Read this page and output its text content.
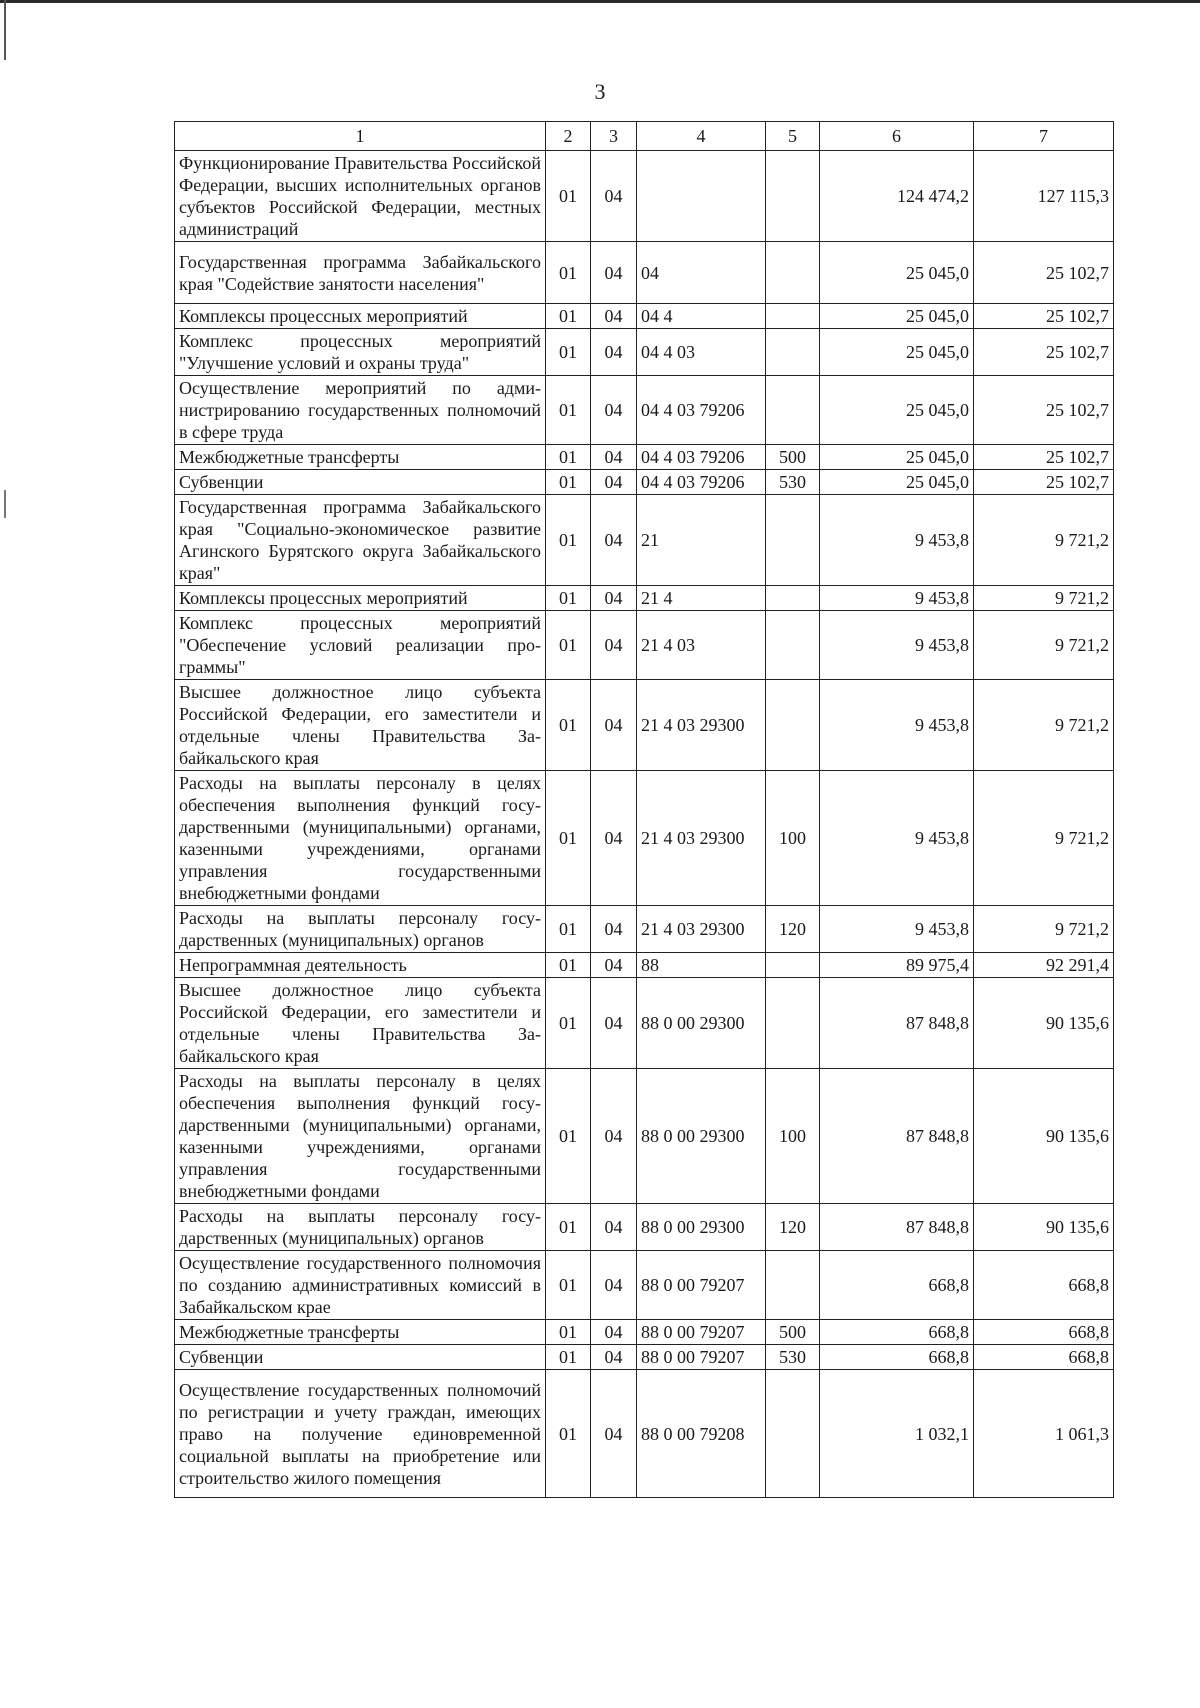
3
1	2	3	4	5	6	7
Функционирование Правительства Российской Федерации, высших исполнительных органов субъектов Российской Федерации, местных администраций	01	04			124 474,2	127 115,3
Государственная программа Забайкальского края "Содействие занятости населения"	01	04	04		25 045,0	25 102,7
Комплексы процессных мероприятий	01	04	04 4		25 045,0	25 102,7
Комплекс процессных мероприятий "Улучшение условий и охраны труда"	01	04	04 4 03		25 045,0	25 102,7
Осуществление мероприятий по администрированию государственных полномочий в сфере труда	01	04	04 4 03 79206		25 045,0	25 102,7
Межбюджетные трансферты	01	04	04 4 03 79206	500	25 045,0	25 102,7
Субвенции	01	04	04 4 03 79206	530	25 045,0	25 102,7
Государственная программа Забайкальского края "Социально-экономическое развитие Агинского Бурятского округа Забайкальского края"	01	04	21		9 453,8	9 721,2
Комплексы процессных мероприятий	01	04	21 4		9 453,8	9 721,2
Комплекс процессных мероприятий "Обеспечение условий реализации программы"	01	04	21 4 03		9 453,8	9 721,2
Высшее должностное лицо субъекта Российской Федерации, его заместители и отдельные члены Правительства Забайкальского края	01	04	21 4 03 29300		9 453,8	9 721,2
Расходы на выплаты персоналу в целях обеспечения выполнения функций государственными (муниципальными) органами, казенными учреждениями, органами управления государственными внебюджетными фондами	01	04	21 4 03 29300	100	9 453,8	9 721,2
Расходы на выплаты персоналу государственных (муниципальных) органов	01	04	21 4 03 29300	120	9 453,8	9 721,2
Непрограммная деятельность	01	04	88		89 975,4	92 291,4
Высшее должностное лицо субъекта Российской Федерации, его заместители и отдельные члены Правительства Забайкальского края	01	04	88 0 00 29300		87 848,8	90 135,6
Расходы на выплаты персоналу в целях обеспечения выполнения функций государственными (муниципальными) органами, казенными учреждениями, органами управления государственными внебюджетными фондами	01	04	88 0 00 29300	100	87 848,8	90 135,6
Расходы на выплаты персоналу государственных (муниципальных) органов	01	04	88 0 00 29300	120	87 848,8	90 135,6
Осуществление государственного полномочия по созданию административных комиссий в Забайкальском крае	01	04	88 0 00 79207		668,8	668,8
Межбюджетные трансферты	01	04	88 0 00 79207	500	668,8	668,8
Субвенции	01	04	88 0 00 79207	530	668,8	668,8
Осуществление государственных полномочий по регистрации и учету граждан, имеющих право на получение единовременной социальной выплаты на приобретение или строительство жилого помещения	01	04	88 0 00 79208		1 032,1	1 061,3
